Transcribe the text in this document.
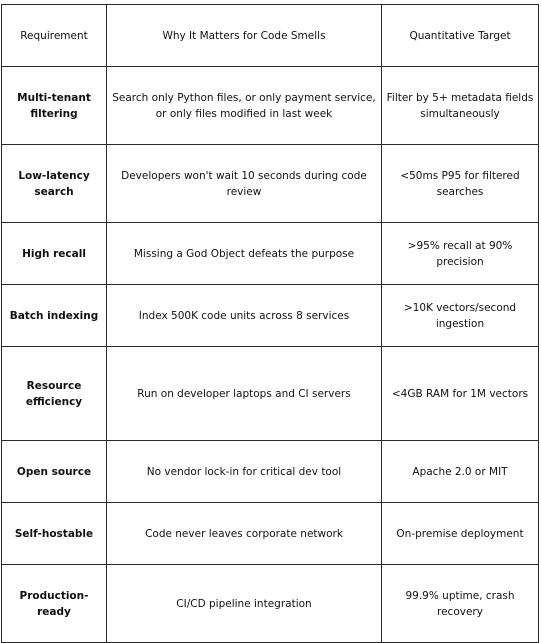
Requirement	Why It Matters for Code Smells	Quantitative Target
Multi-tenant filtering	Search only Python files, or only payment service, or only files modified in last week	Filter by 5+ metadata fields simultaneously
Low-latency search	Developers won't wait 10 seconds during code review	<50ms P95 for filtered searches
High recall	Missing a God Object defeats the purpose	>95% recall at 90% precision
Batch indexing	Index 500K code units across 8 services	>10K vectors/second ingestion
Resource efficiency	Run on developer laptops and CI servers	<4GB RAM for 1M vectors
Open source	No vendor lock-in for critical dev tool	Apache 2.0 or MIT
Self-hostable	Code never leaves corporate network	On-premise deployment
Production-ready	CI/CD pipeline integration	99.9% uptime, crash recovery
